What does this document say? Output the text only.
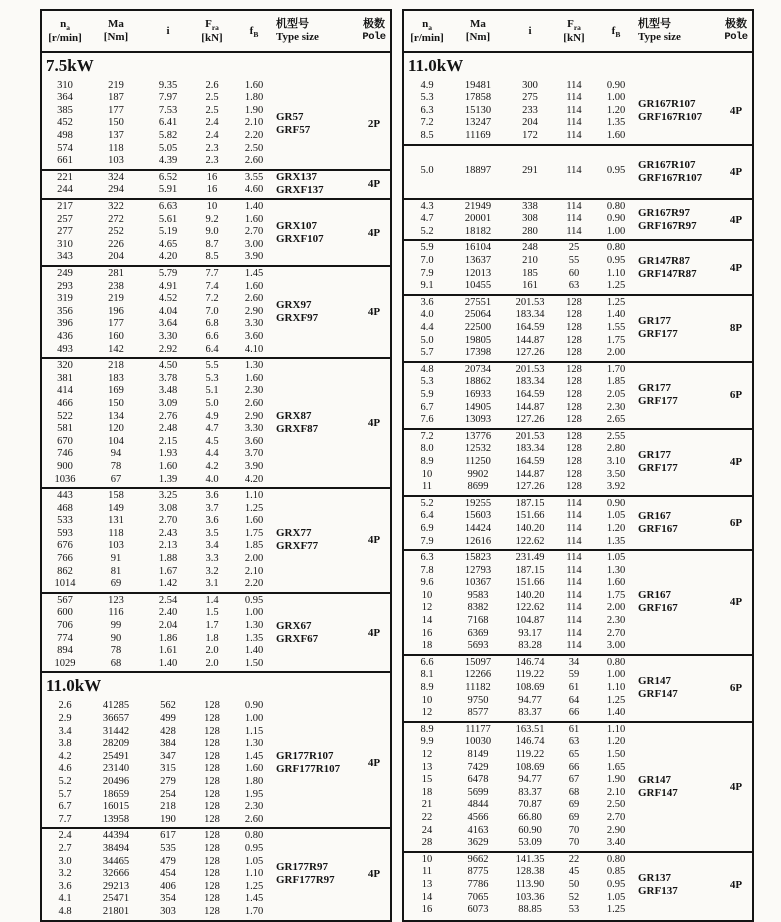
$n_a$
[r/min]
Ma
[Nm]
i
$F_{ra}$
[kN]
$f_B$
机型号
Type size
极数
Pole
7.5kW
310	219	9.35	2.6	1.60
364	187	7.97	2.5	1.80
385	177	7.53	2.5	1.90
452	150	6.41	2.4	2.10
498	137	5.82	2.4	2.20
574	118	5.05	2.3	2.50
661	103	4.39	2.3	2.60
GR57
GRF57	2P
221	324	6.52	16	3.55
244	294	5.91	16	4.60
GRX137
GRXF137	4P
217	322	6.63	10	1.40
257	272	5.61	9.2	1.60
277	252	5.19	9.0	2.70
310	226	4.65	8.7	3.00
343	204	4.20	8.5	3.90
GRX107
GRXF107	4P
249	281	5.79	7.7	1.45
293	238	4.91	7.4	1.60
319	219	4.52	7.2	2.60
356	196	4.04	7.0	2.90
396	177	3.64	6.8	3.30
436	160	3.30	6.6	3.60
493	142	2.92	6.4	4.10
GRX97
GRXF97	4P
320	218	4.50	5.5	1.30
381	183	3.78	5.3	1.60
414	169	3.48	5.1	2.30
466	150	3.09	5.0	2.60
522	134	2.76	4.9	2.90
581	120	2.48	4.7	3.30
670	104	2.15	4.5	3.60
746	94	1.93	4.4	3.70
900	78	1.60	4.2	3.90
1036	67	1.39	4.0	4.20
GRX87
GRXF87	4P
443	158	3.25	3.6	1.10
468	149	3.08	3.7	1.25
533	131	2.70	3.6	1.60
593	118	2.43	3.5	1.75
676	103	2.13	3.4	1.85
766	91	1.88	3.3	2.00
862	81	1.67	3.2	2.10
1014	69	1.42	3.1	2.20
GRX77
GRXF77	4P
567	123	2.54	1.4	0.95
600	116	2.40	1.5	1.00
706	99	2.04	1.7	1.30
774	90	1.86	1.8	1.35
894	78	1.61	2.0	1.40
1029	68	1.40	2.0	1.50
GRX67
GRXF67	4P
11.0kW
2.6	41285	562	128	0.90
2.9	36657	499	128	1.00
3.4	31442	428	128	1.15
3.8	28209	384	128	1.30
4.2	25491	347	128	1.45
4.6	23140	315	128	1.60
5.2	20496	279	128	1.80
5.7	18659	254	128	1.95
6.7	16015	218	128	2.30
7.7	13958	190	128	2.60
GR177R107
GRF177R107	4P
2.4	44394	617	128	0.80
2.7	38494	535	128	0.95
3.0	34465	479	128	1.05
3.2	32666	454	128	1.10
3.6	29213	406	128	1.25
4.1	25471	354	128	1.45
4.8	21801	303	128	1.70
GR177R97
GRF177R97	4P
$n_a$
[r/min]
Ma
[Nm]
i
$F_{ra}$
[kN]
$f_B$
机型号
Type size
极数
Pole
11.0kW
4.9	19481	300	114	0.90
5.3	17858	275	114	1.00
6.3	15130	233	114	1.20
7.2	13247	204	114	1.35
8.5	11169	172	114	1.60
GR167R107
GRF167R107	4P
5.0	18897	291	114	0.95
GR167R107
GRF167R107	4P
4.3	21949	338	114	0.80
4.7	20001	308	114	0.90
5.2	18182	280	114	1.00
GR167R97
GRF167R97	4P
5.9	16104	248	25	0.80
7.0	13637	210	55	0.95
7.9	12013	185	60	1.10
9.1	10455	161	63	1.25
GR147R87
GRF147R87	4P
3.6	27551	201.53	128	1.25
4.0	25064	183.34	128	1.40
4.4	22500	164.59	128	1.55
5.0	19805	144.87	128	1.75
5.7	17398	127.26	128	2.00
GR177
GRF177	8P
4.8	20734	201.53	128	1.70
5.3	18862	183.34	128	1.85
5.9	16933	164.59	128	2.05
6.7	14905	144.87	128	2.30
7.6	13093	127.26	128	2.65
GR177
GRF177	6P
7.2	13776	201.53	128	2.55
8.0	12532	183.34	128	2.80
8.9	11250	164.59	128	3.10
10	9902	144.87	128	3.50
11	8699	127.26	128	3.92
GR177
GRF177	4P
5.2	19255	187.15	114	0.90
6.4	15603	151.66	114	1.05
6.9	14424	140.20	114	1.20
7.9	12616	122.62	114	1.35
GR167
GRF167	6P
6.3	15823	231.49	114	1.05
7.8	12793	187.15	114	1.30
9.6	10367	151.66	114	1.60
10	9583	140.20	114	1.75
12	8382	122.62	114	2.00
14	7168	104.87	114	2.30
16	6369	93.17	114	2.70
18	5693	83.28	114	3.00
GR167
GRF167	4P
6.6	15097	146.74	34	0.80
8.1	12266	119.22	59	1.00
8.9	11182	108.69	61	1.10
10	9750	94.77	64	1.25
12	8577	83.37	66	1.40
GR147
GRF147	6P
8.9	11177	163.51	61	1.10
9.9	10030	146.74	63	1.20
12	8149	119.22	65	1.50
13	7429	108.69	66	1.65
15	6478	94.77	67	1.90
18	5699	83.37	68	2.10
21	4844	70.87	69	2.50
22	4566	66.80	69	2.70
24	4163	60.90	70	2.90
28	3629	53.09	70	3.40
GR147
GRF147	4P
10	9662	141.35	22	0.80
11	8775	128.38	45	0.85
13	7786	113.90	50	0.95
14	7065	103.36	52	1.05
16	6073	88.85	53	1.25
GR137
GRF137	4P
